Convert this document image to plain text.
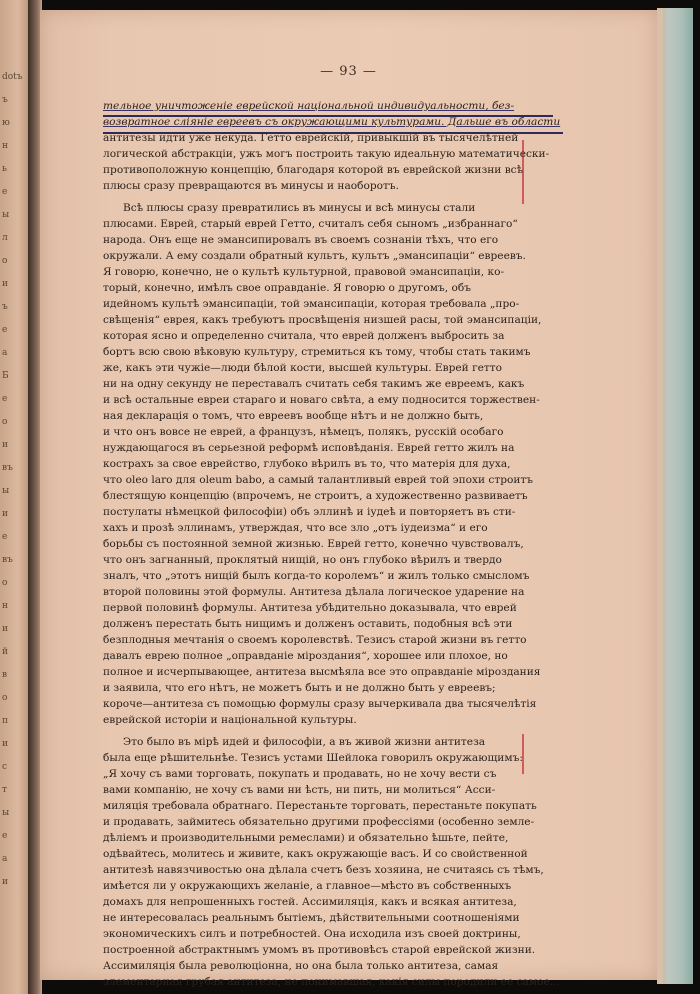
dotъ
ъ
ю
н
ь
е
ы
л
о
и
ъ
е
а
Б
е
о
и
въ
ы
и
е
въ
о
н
и
й
в
о
п
и
с
т
ы
е
а
и
— 93 —

тельное уничтоженіе еврейской національной индивидуальности, без-
возвратное сліяніе евреевъ съ окружающими культурами. Дальше въ области
антитезы идти уже некуда. Геттo еврейскій, привыкшій въ тысячелѣтней
логической абстракціи, ужъ могъ построить такую идеальную математически-
противоположную концепцію, благодаря которой въ еврейской жизни всѣ
плюсы сразу превращаются въ минусы и наоборотъ.

Всѣ плюсы сразу превратились въ минусы и всѣ минусы стали
плюсами. Еврей, старый еврей Гетто, считалъ себя сыномъ „избраннаго“
народа. Онъ еще не эмансипировалъ въ своемъ сознаніи тѣхъ, что его
окружали. А ему создали обратный культъ, культъ „эмансипаціи“ евреевъ.
Я говорю, конечно, не о культѣ культурной, правовой эмансипаціи, ко-
торый, конечно, имѣлъ свое оправданіе. Я говорю о другомъ, объ
идейномъ культѣ эмансипаціи, той эмансипаціи, которая требовала „про-
свѣщенія“ еврея, какъ требуютъ просвѣщенія низшей расы, той эмансипаціи,
которая ясно и определенно считала, что еврей долженъ выбросить за
бортъ всю свою вѣковую культуру, стремиться къ тому, чтобы стать такимъ
же, какъ эти чужіе—люди бѣлой кости, высшей культуры. Еврей гетто
ни на одну секунду не переставалъ считать себя такимъ же евреемъ, какъ
и всѣ остальные евреи стараго и новаго свѣта, а ему подносится торжествен-
ная декларація о томъ, что евреевъ вообще нѣтъ и не должно быть,
и что онъ вовсе не еврей, а французъ, нѣмецъ, полякъ, русскій особаго
нуждающагося въ серьезной реформѣ исповѣданія. Еврей гетто жилъ на
кострахъ за свое еврейство, глубоко вѣрилъ въ то, что матерія для духа,
что oleo laro для oleum babo, а самый талантливый еврей той эпохи строитъ
блестящую концепцію (впрочемъ, не строитъ, а художественно развиваетъ
постулаты нѣмецкой философіи) объ эллинѣ и іудеѣ и повторяетъ въ сти-
хахъ и прозѣ эллинамъ, утверждая, что все зло „отъ іудеизма“ и его
борьбы съ постоянной земной жизнью. Еврей гетто, конечно чувствовалъ,
что онъ загнанный, проклятый нищій, но онъ глубоко вѣрилъ и твердо
зналъ, что „этотъ нищій былъ когда-то королемъ“ и жилъ только смысломъ
второй половины этой формулы. Антитеза дѣлала логическое ударение на
первой половинѣ формулы. Антитеза убѣдительно доказывала, что еврей
долженъ перестать быть нищимъ и долженъ оставить, подобныя всѣ эти
безплодныя мечтанія о своемъ королевствѣ. Тезисъ старой жизни въ гетто
давалъ еврею полное „оправданіе міроздания“, хорошее или плохое, но
полное и исчерпывающее, антитеза высмѣяла все это оправданіе міроздания
и заявила, что его нѣтъ, не можетъ быть и не должно быть у евреевъ;
короче—антитеза съ помощью формулы сразу вычеркивала два тысячелѣтія
еврейской исторіи и національной культуры.

Это было въ мірѣ идей и философіи, а въ живой жизни антитеза
была еще рѣшительнѣе. Тезисъ устами Шейлока говорилъ окружающимъ:
„Я хочу съ вами торговать, покупать и продавать, но не хочу вести съ
вами компанію, не хочу съ вами ни ѣсть, ни пить, ни молиться“ Асси-
миляція требовала обратнаго. Перестаньте торговать, перестаньте покупать
и продавать, займитесь обязательно другими профессіями (особенно земле-
дѣліемъ и производительными ремеслами) и обязательно ѣшьте, пейте,
одѣвайтесь, молитесь и живите, какъ окружающіе васъ. И со свойственной
антитезѣ навязчивостью она дѣлала счетъ безъ хозяина, не считаясь съ тѣмъ,
имѣется ли у окружающихъ желаніе, а главное—мѣсто въ собственныхъ
домахъ для непрошенныхъ гостей. Ассимиляція, какъ и всякая антитеза,
не интересовалась реальнымъ бытіемъ, дѣйствительными соотношеніями
экономическихъ силъ и потребностей. Она исходила изъ своей доктрины,
построенной абстрактнымъ умомъ въ противовѣсъ старой еврейской жизни.
Ассимиляція была революціонна, но она была только антитеза, самая
элементарная грубая антитеза, не понимавшая, какія силы породили ее самое...
